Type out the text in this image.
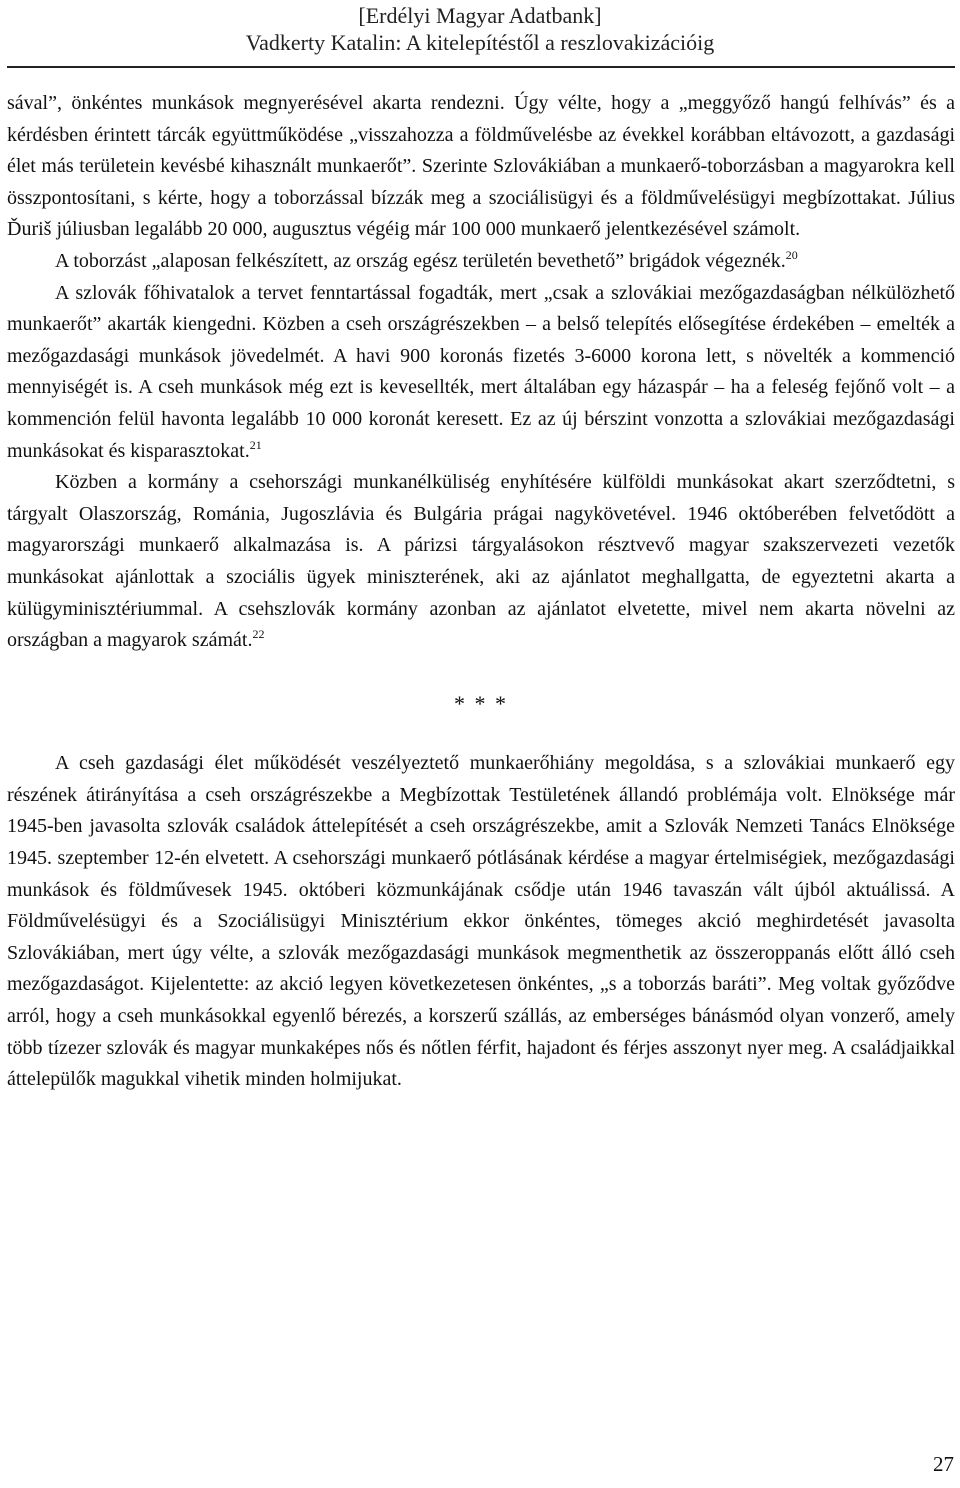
[Erdélyi Magyar Adatbank]
Vadkerty Katalin: A kitelepítéstől a reszlovakizációig

sával”, önkéntes munkások megnyerésével akarta rendezni. Úgy vélte, hogy a „meggyőző hangú felhívás” és a kérdésben érintett tárcák együttműködése „visszahozza a földművelésbe az évekkel korábban eltávozott, a gazdasági élet más területein kevésbé kihasznált munkaerőt”. Szerinte Szlovákiában a munkaerő-toborzásban a magyarokra kell összpontosítani, s kérte, hogy a toborzással bízzák meg a szociálisügyi és a földművelésügyi megbízottakat. Július Ďuriš júliusban legalább 20 000, augusztus végéig már 100 000 munkaerő jelentkezésével számolt.

A toborzást „alaposan felkészített, az ország egész területén bevethető” brigádok végeznék.$^{20}$

A szlovák főhivatalok a tervet fenntartással fogadták, mert „csak a szlovákiai mezőgazdaságban nélkülözhető munkaerőt” akarták kiengedni. Közben a cseh országrészekben – a belső telepítés elősegítése érdekében – emelték a mezőgazdasági munkások jövedelmét. A havi 900 koronás fizetés 3-6000 korona lett, s növelték a kommenció mennyiségét is. A cseh munkások még ezt is kevesellték, mert általában egy házaspár – ha a feleség fejőnő volt – a kommención felül havonta legalább 10 000 koronát keresett. Ez az új bérszint vonzotta a szlovákiai mezőgazdasági munkásokat és kisparasztokat.$^{21}$

Közben a kormány a csehországi munkanélküliség enyhítésére külföldi munkásokat akart szerződtetni, s tárgyalt Olaszország, Románia, Jugoszlávia és Bulgária prágai nagykövetével. 1946 októberében felvetődött a magyarországi munkaerő alkalmazása is. A párizsi tárgyalásokon résztvevő magyar szakszervezeti vezetők munkásokat ajánlottak a szociális ügyek miniszterének, aki az ajánlatot meghallgatta, de egyeztetni akarta a külügyminisztériummal. A csehszlovák kormány azonban az ajánlatot elvetette, mivel nem akarta növelni az országban a magyarok számát.$^{22}$

* * *

A cseh gazdasági élet működését veszélyeztető munkaerőhiány megoldása, s a szlovákiai munkaerő egy részének átirányítása a cseh országrészekbe a Megbízottak Testületének állandó problémája volt. Elnöksége már 1945-ben javasolta szlovák családok áttelepítését a cseh országrészekbe, amit a Szlovák Nemzeti Tanács Elnöksége 1945. szeptember 12-én elvetett. A csehországi munkaerő pótlásának kérdése a magyar értelmiségiek, mezőgazdasági munkások és földművesek 1945. októberi közmunkájának csődje után 1946 tavaszán vált újból aktuálissá. A Földművelésügyi és a Szociálisügyi Minisztérium ekkor önkéntes, tömeges akció meghirdetését javasolta Szlovákiában, mert úgy vélte, a szlovák mezőgazdasági munkások megmenthetik az összeroppanás előtt álló cseh mezőgazdaságot. Kijelentette: az akció legyen következetesen önkéntes, „s a toborzás baráti”. Meg voltak győződve arról, hogy a cseh munkásokkal egyenlő bérezés, a korszerű szállás, az emberséges bánásmód olyan vonzerő, amely több tízezer szlovák és magyar munkaképes nős és nőtlen férfit, hajadont és férjes asszonyt nyer meg. A családjaikkal áttelepülők magukkal vihetik minden holmijukat.

27
